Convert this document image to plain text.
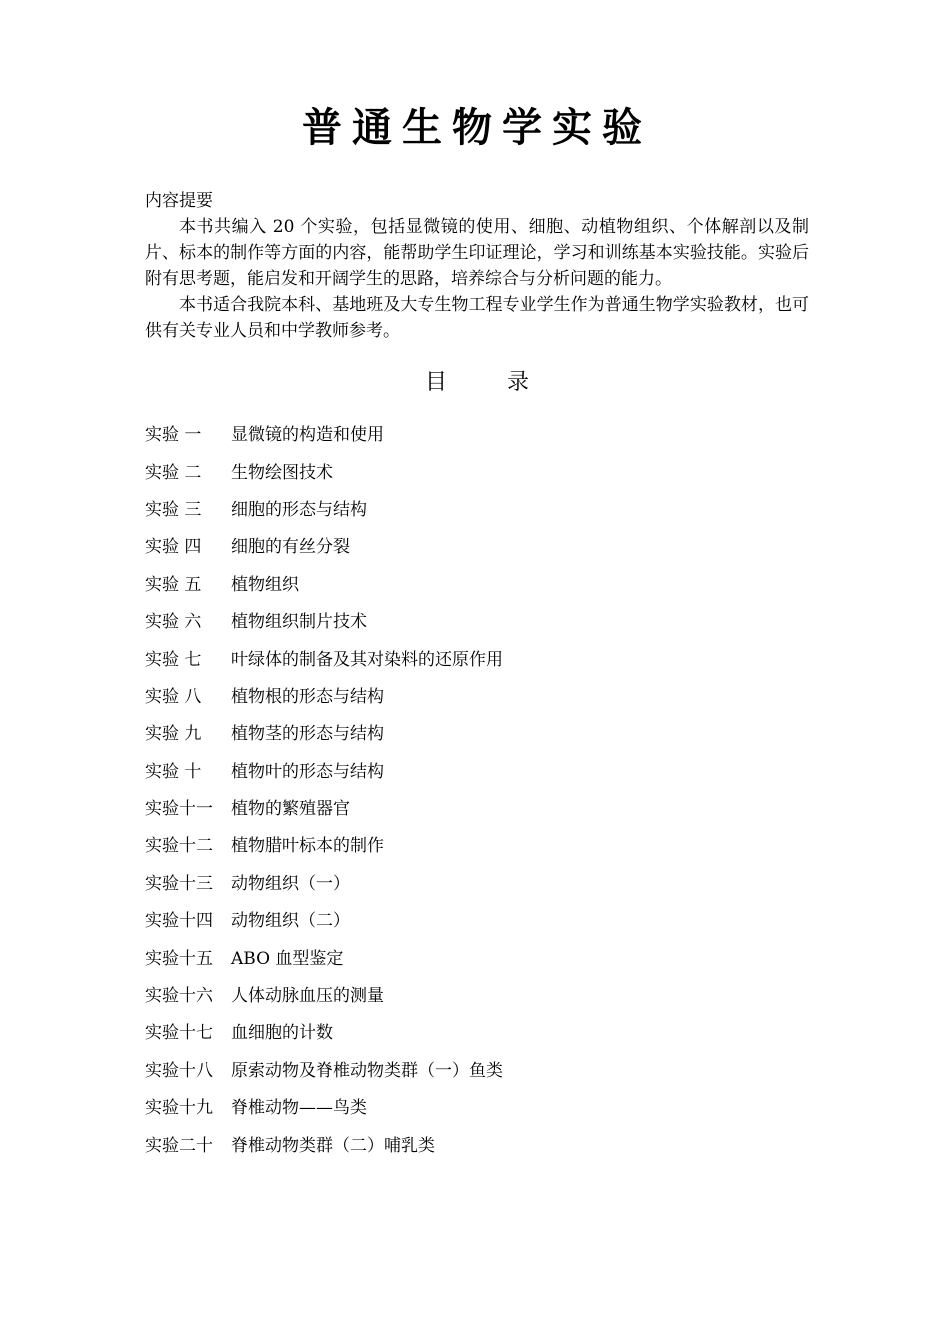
普通生物学实验
内容提要

本书共编入 20 个实验，包括显微镜的使用、细胞、动植物组织、个体解剖以及制片、标本的制作等方面的内容，能帮助学生印证理论，学习和训练基本实验技能。实验后附有思考题，能启发和开阔学生的思路，培养综合与分析问题的能力。

本书适合我院本科、基地班及大专生物工程专业学生作为普通生物学实验教材，也可供有关专业人员和中学教师参考。

目录
实验 一	显微镜的构造和使用
实验 二	生物绘图技术
实验 三	细胞的形态与结构
实验 四	细胞的有丝分裂
实验 五	植物组织
实验 六	植物组织制片技术
实验 七	叶绿体的制备及其对染料的还原作用
实验 八	植物根的形态与结构
实验 九	植物茎的形态与结构
实验 十	植物叶的形态与结构
实验十一	植物的繁殖器官
实验十二	植物腊叶标本的制作
实验十三	动物组织（一）
实验十四	动物组织（二）
实验十五	ABO 血型鉴定
实验十六	人体动脉血压的测量
实验十七	血细胞的计数
实验十八	原索动物及脊椎动物类群（一）鱼类
实验十九	脊椎动物——鸟类
实验二十	脊椎动物类群（二）哺乳类
